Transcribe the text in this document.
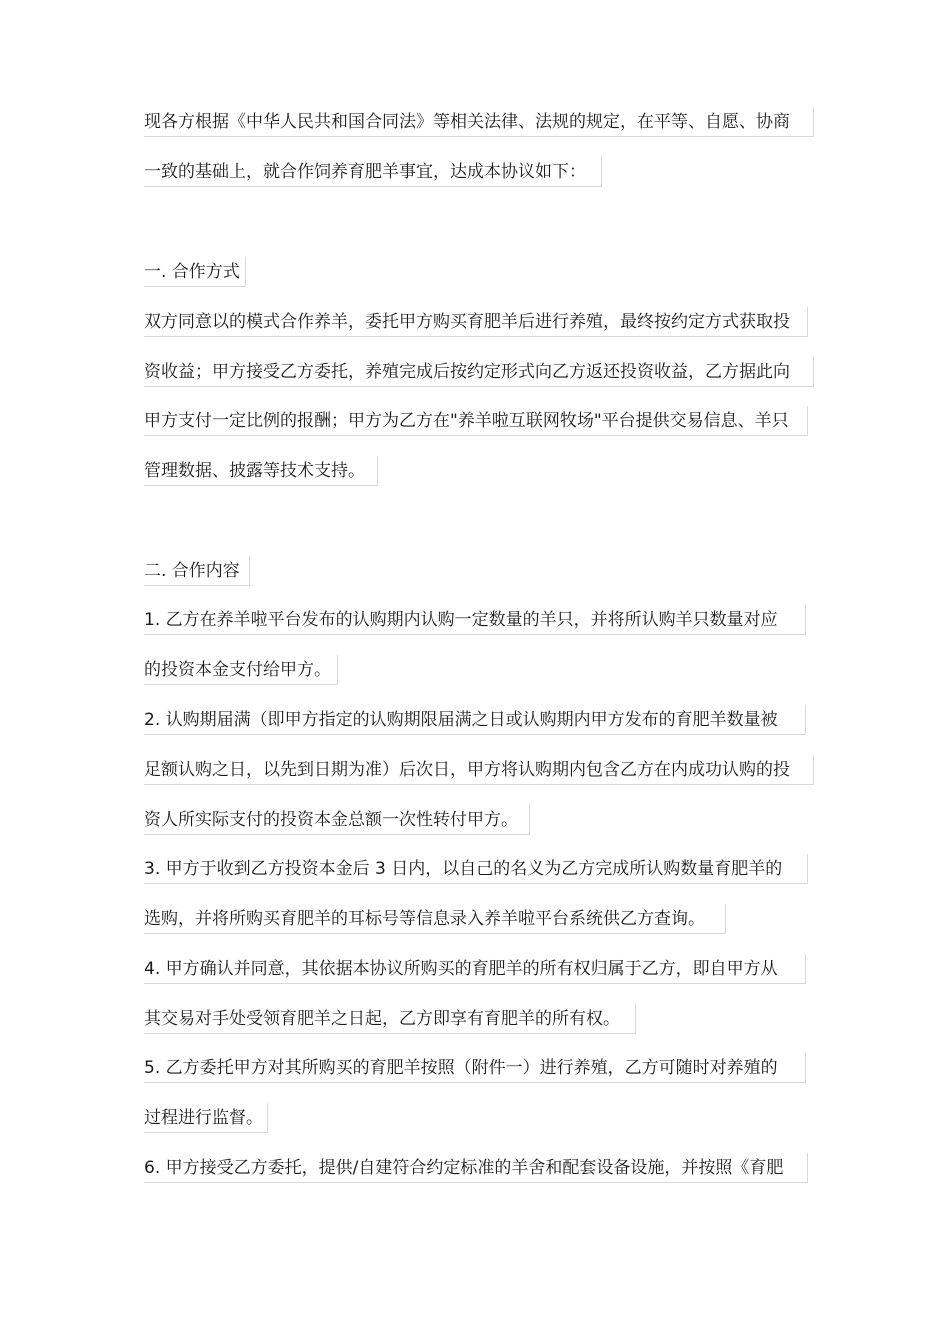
现各方根据《中华人民共和国合同法》等相关法律、法规的规定，在平等、自愿、协商
一致的基础上，就合作饲养育肥羊事宜，达成本协议如下：
一. 合作方式
双方同意以的模式合作养羊，委托甲方购买育肥羊后进行养殖，最终按约定方式获取投
资收益；甲方接受乙方委托，养殖完成后按约定形式向乙方返还投资收益，乙方据此向
甲方支付一定比例的报酬；甲方为乙方在"养羊啦互联网牧场"平台提供交易信息、羊只
管理数据、披露等技术支持。
二. 合作内容
1. 乙方在养羊啦平台发布的认购期内认购一定数量的羊只，并将所认购羊只数量对应
的投资本金支付给甲方。
2. 认购期届满（即甲方指定的认购期限届满之日或认购期内甲方发布的育肥羊数量被
足额认购之日，以先到日期为准）后次日，甲方将认购期内包含乙方在内成功认购的投
资人所实际支付的投资本金总额一次性转付甲方。
3. 甲方于收到乙方投资本金后 3 日内，以自己的名义为乙方完成所认购数量育肥羊的
选购，并将所购买育肥羊的耳标号等信息录入养羊啦平台系统供乙方查询。
4. 甲方确认并同意，其依据本协议所购买的育肥羊的所有权归属于乙方，即自甲方从
其交易对手处受领育肥羊之日起，乙方即享有育肥羊的所有权。
5. 乙方委托甲方对其所购买的育肥羊按照（附件一）进行养殖，乙方可随时对养殖的
过程进行监督。
6. 甲方接受乙方委托，提供/自建符合约定标准的羊舍和配套设备设施，并按照《育肥
